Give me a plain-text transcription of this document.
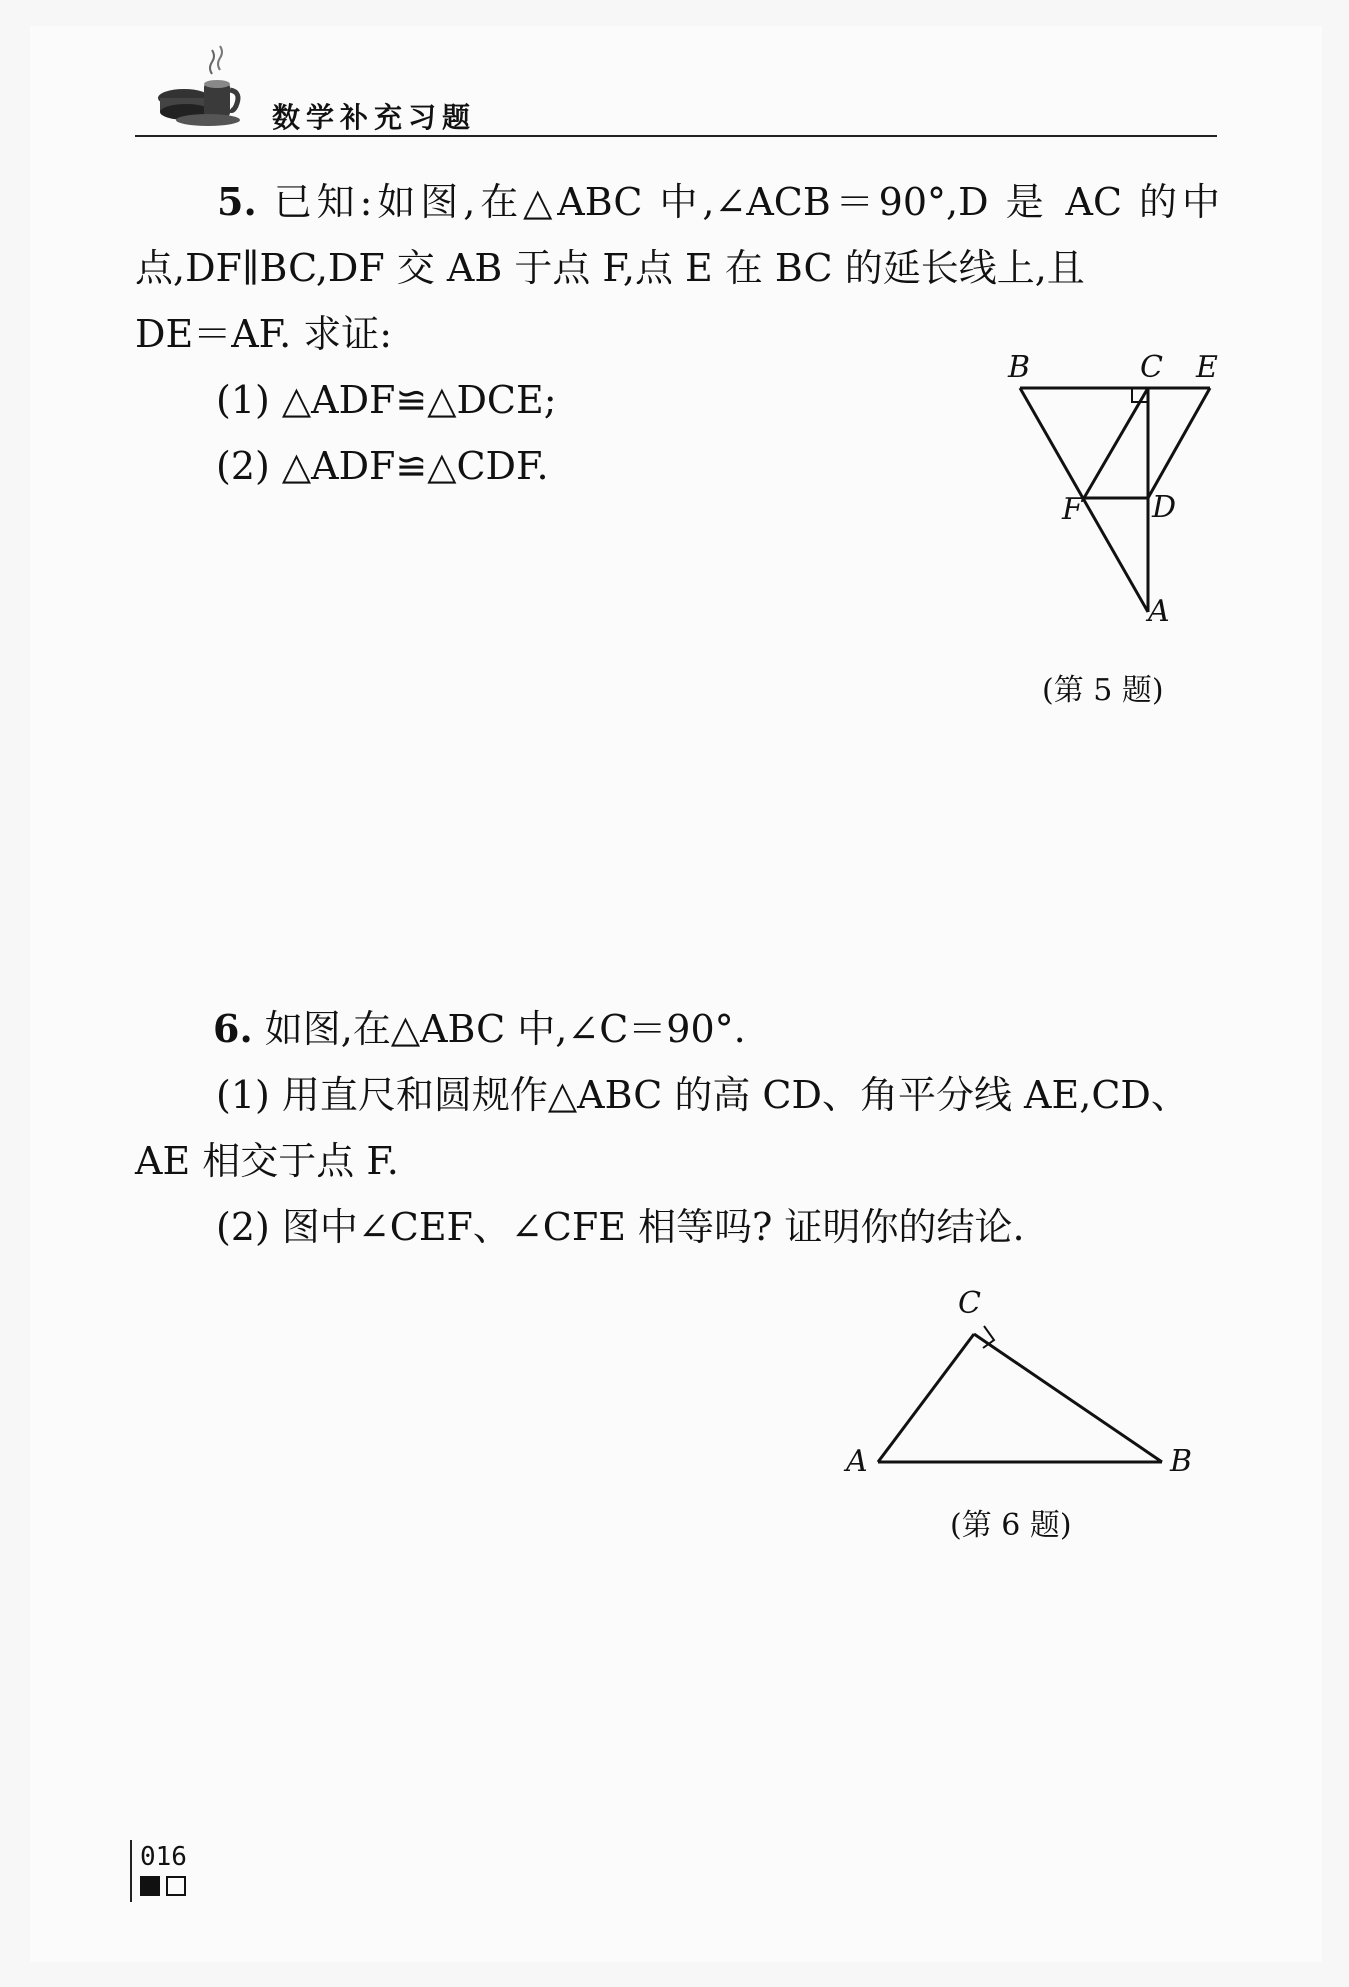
数学补充习题
5. 已知:如图,在△ABC 中,∠ACB＝90°,D 是 AC 的中
点,DF∥BC,DF 交 AB 于点 F,点 E 在 BC 的延长线上,且
DE＝AF. 求证:
(1) △ADF≌△DCE;
(2) △ADF≌△CDF.
B	C E
F D
A
(第 5 题)
6. 如图,在△ABC 中,∠C＝90°.
(1) 用直尺和圆规作△ABC 的高 CD、角平分线 AE,CD、
AE 相交于点 F.
(2) 图中∠CEF、∠CFE 相等吗? 证明你的结论.
C
A	B
(第 6 题)
016
